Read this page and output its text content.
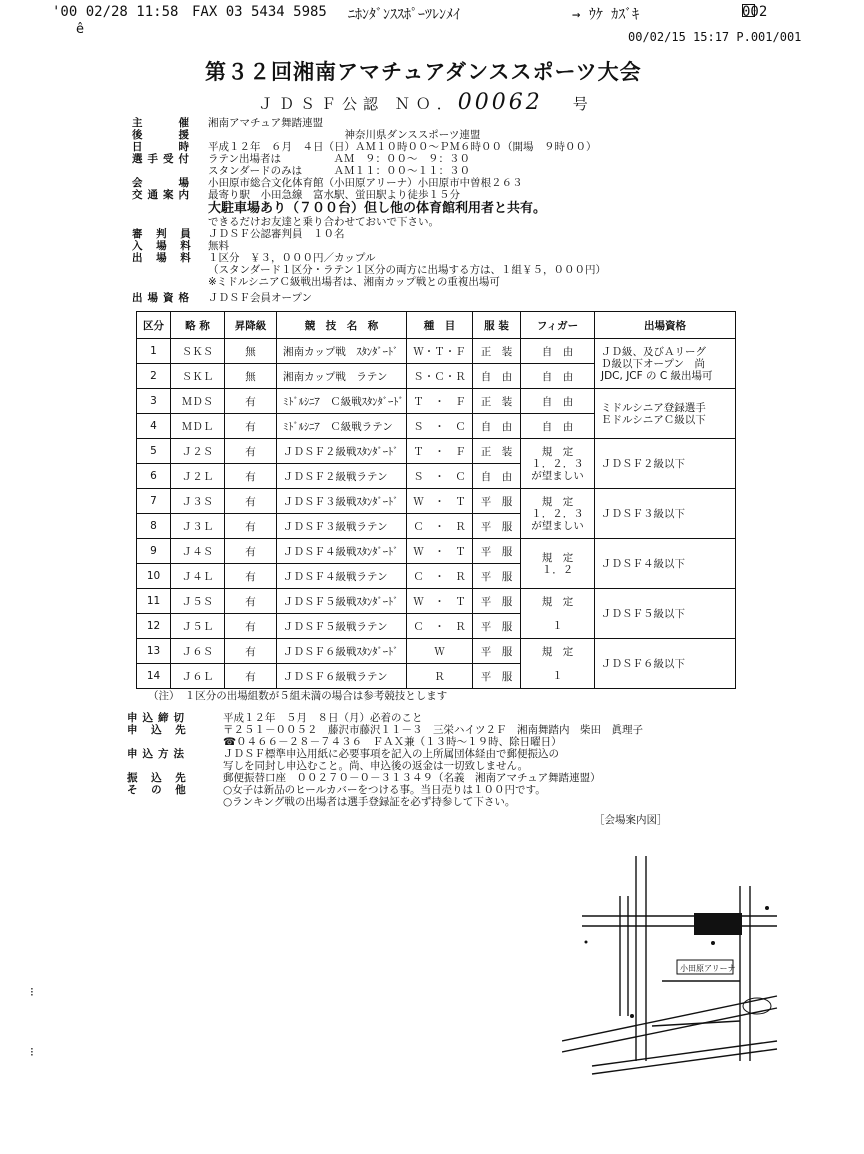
'00 02/28 11:58 FAX 03 5434 5985 ﾆﾎﾝﾀﾞﾝｽｽﾎﾟｰﾂﾚﾝﾒｲ	→ ｳｹ ｶｽﾞｷ	002
ê	00/02/15 15:17 P.001/001
第３２回湘南アマチュアダンススポーツ大会
ＪＤＳＦ公認 ＮＯ．00062 号
主　　催 湘南アマチュア舞踏連盟
後　　援　　　　　　　　　　　　　神奈川県ダンススポーツ連盟
日　　時 平成１２年　６月　４日（日）ＡＭ１０時００～ＰＭ６時００（開場　９時００）
選手受付 ラテン出場者は　　　　　ＡＭ　９：００～　９：３０
スタンダードのみは　　　ＡＭ１１：００～１１：３０
会　　場 小田原市総合文化体育館（小田原アリーナ）小田原市中曽根２６３
交通案内 最寄り駅　小田急線　富水駅、蛍田駅より徒歩１５分
大駐車場あり（７００台）但し他の体育館利用者と共有。
できるだけお友達と乗り合わせておいで下さい。
審 判 員 ＪＤＳＦ公認審判員　１０名
入 場 料 無料
出 場 料 １区分　￥３，０００円／カップル
（スタンダード１区分・ラテン１区分の両方に出場する方は、１組￥５，０００円）
※ミドルシニアＣ級戦出場者は、湘南カップ戦との重複出場可
出場資格 ＪＤＳＦ会員オープン
区分	略 称	昇降級	競　技　名　称	種　目	服 装	フィガー	出場資格
1	ＳＫＳ	無	湘南カップ戦　ｽﾀﾝﾀﾞｰﾄﾞ	Ｗ・Ｔ・Ｆ	正　装	自　由	ＪＤ級、及びＡリーグ
Ｄ級以下オープン　尚
JDC, JCF の C 級出場可
2	ＳＫＬ	無	湘南カップ戦　ラテン	Ｓ・Ｃ・Ｒ	自　由	自　由	
3	ＭＤＳ	有	ﾐﾄﾞﾙｼﾆｱ　Ｃ級戦ｽﾀﾝﾀﾞｰﾄﾞ	Ｔ　・　Ｆ	正　装	自　由	ミドルシニア登録選手
ＥドルシニアＣ級以下
4	ＭＤＬ	有	ﾐﾄﾞﾙｼﾆｱ　Ｃ級戦ラテン	Ｓ　・　Ｃ	自　由	自　由	
5	Ｊ２Ｓ	有	ＪＤＳＦ２級戦ｽﾀﾝﾀﾞｰﾄﾞ	Ｔ　・　Ｆ	正　装	規　定
１．２．３
が望ましい	ＪＤＳＦ２級以下
6	Ｊ２Ｌ	有	ＪＤＳＦ２級戦ラテン	Ｓ　・　Ｃ	自　由		
7	Ｊ３Ｓ	有	ＪＤＳＦ３級戦ｽﾀﾝﾀﾞｰﾄﾞ	Ｗ　・　Ｔ	平　服	規　定
１．２．３
が望ましい	ＪＤＳＦ３級以下
8	Ｊ３Ｌ	有	ＪＤＳＦ３級戦ラテン	Ｃ　・　Ｒ	平　服		
9	Ｊ４Ｓ	有	ＪＤＳＦ４級戦ｽﾀﾝﾀﾞｰﾄﾞ	Ｗ　・　Ｔ	平　服	規　定
１．２	ＪＤＳＦ４級以下
10	Ｊ４Ｌ	有	ＪＤＳＦ４級戦ラテン	Ｃ　・　Ｒ	平　服		
11	Ｊ５Ｓ	有	ＪＤＳＦ５級戦ｽﾀﾝﾀﾞｰﾄﾞ	Ｗ　・　Ｔ	平　服	規　定

１	ＪＤＳＦ５級以下
12	Ｊ５Ｌ	有	ＪＤＳＦ５級戦ラテン	Ｃ　・　Ｒ	平　服		
13	Ｊ６Ｓ	有	ＪＤＳＦ６級戦ｽﾀﾝﾀﾞｰﾄﾞ	Ｗ	平　服	規　定

１	ＪＤＳＦ６級以下
14	Ｊ６Ｌ	有	ＪＤＳＦ６級戦ラテン	Ｒ	平　服		
（注）　１区分の出場組数が５組未満の場合は参考競技とします
申込締切	平成１２年　５月　８日（月）必着のこと
申 込 先	〒２５１－００５２　藤沢市藤沢１１－３　三栄ハイツ２Ｆ　湘南舞踏内　柴田　眞理子
☎０４６６－２８－７４３６　ＦＡＸ兼（１３時～１９時、除日曜日）
申込方法	ＪＤＳＦ標準申込用紙に必要事項を記入の上所属団体経由で郵便振込の
写しを同封し申込むこと。尚、申込後の返金は一切致しません。
振 込 先	郵便振替口座　００２７０－０－３１３４９（名義　湘南アマチュア舞踏連盟）
そ の 他	○女子は新品のヒールカバーをつける事。当日売りは１００円です。
○ランキング戦の出場者は選手登録証を必ず持参して下さい。
［会場案内図］
小田原アリーナ
⁝
⁝
